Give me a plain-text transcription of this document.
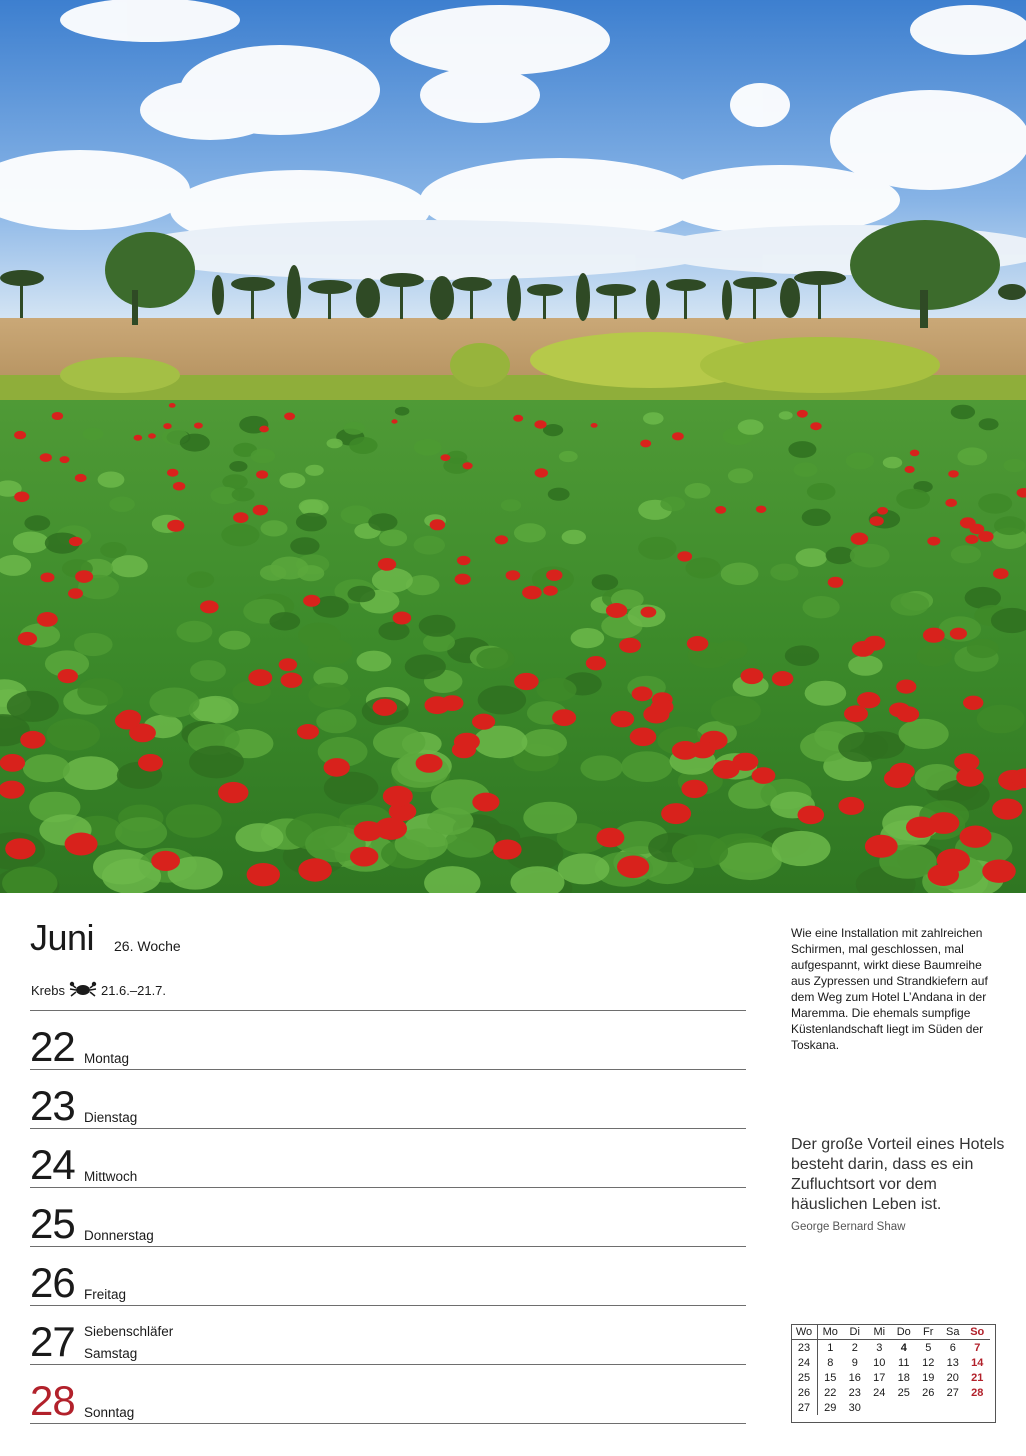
Juni 26. Woche
Krebs	21.6.–21.7.
22 Montag
23 Dienstag
24 Mittwoch
25 Donnerstag
26 Freitag
27 Siebenschläfer
Samstag
28 Sonntag
Wie eine Installation mit zahlreichen Schirmen, mal geschlossen, mal aufgespannt, wirkt diese Baumreihe aus Zypressen und Strandkiefern auf dem Weg zum Hotel L’Andana in der Maremma. Die ehemals sumpfige Küstenlandschaft liegt im Süden der Toskana.
Der große Vorteil eines Hotels besteht darin, dass es ein Zufluchtsort vor dem häuslichen Leben ist.
George Bernard Shaw
Wo	Mo	Di	Mi	Do	Fr	Sa	So
23	1	2	3	4	5	6	7
24	8	9	10	11	12	13	14
25	15	16	17	18	19	20	21
26	22	23	24	25	26	27	28
27	29	30					
